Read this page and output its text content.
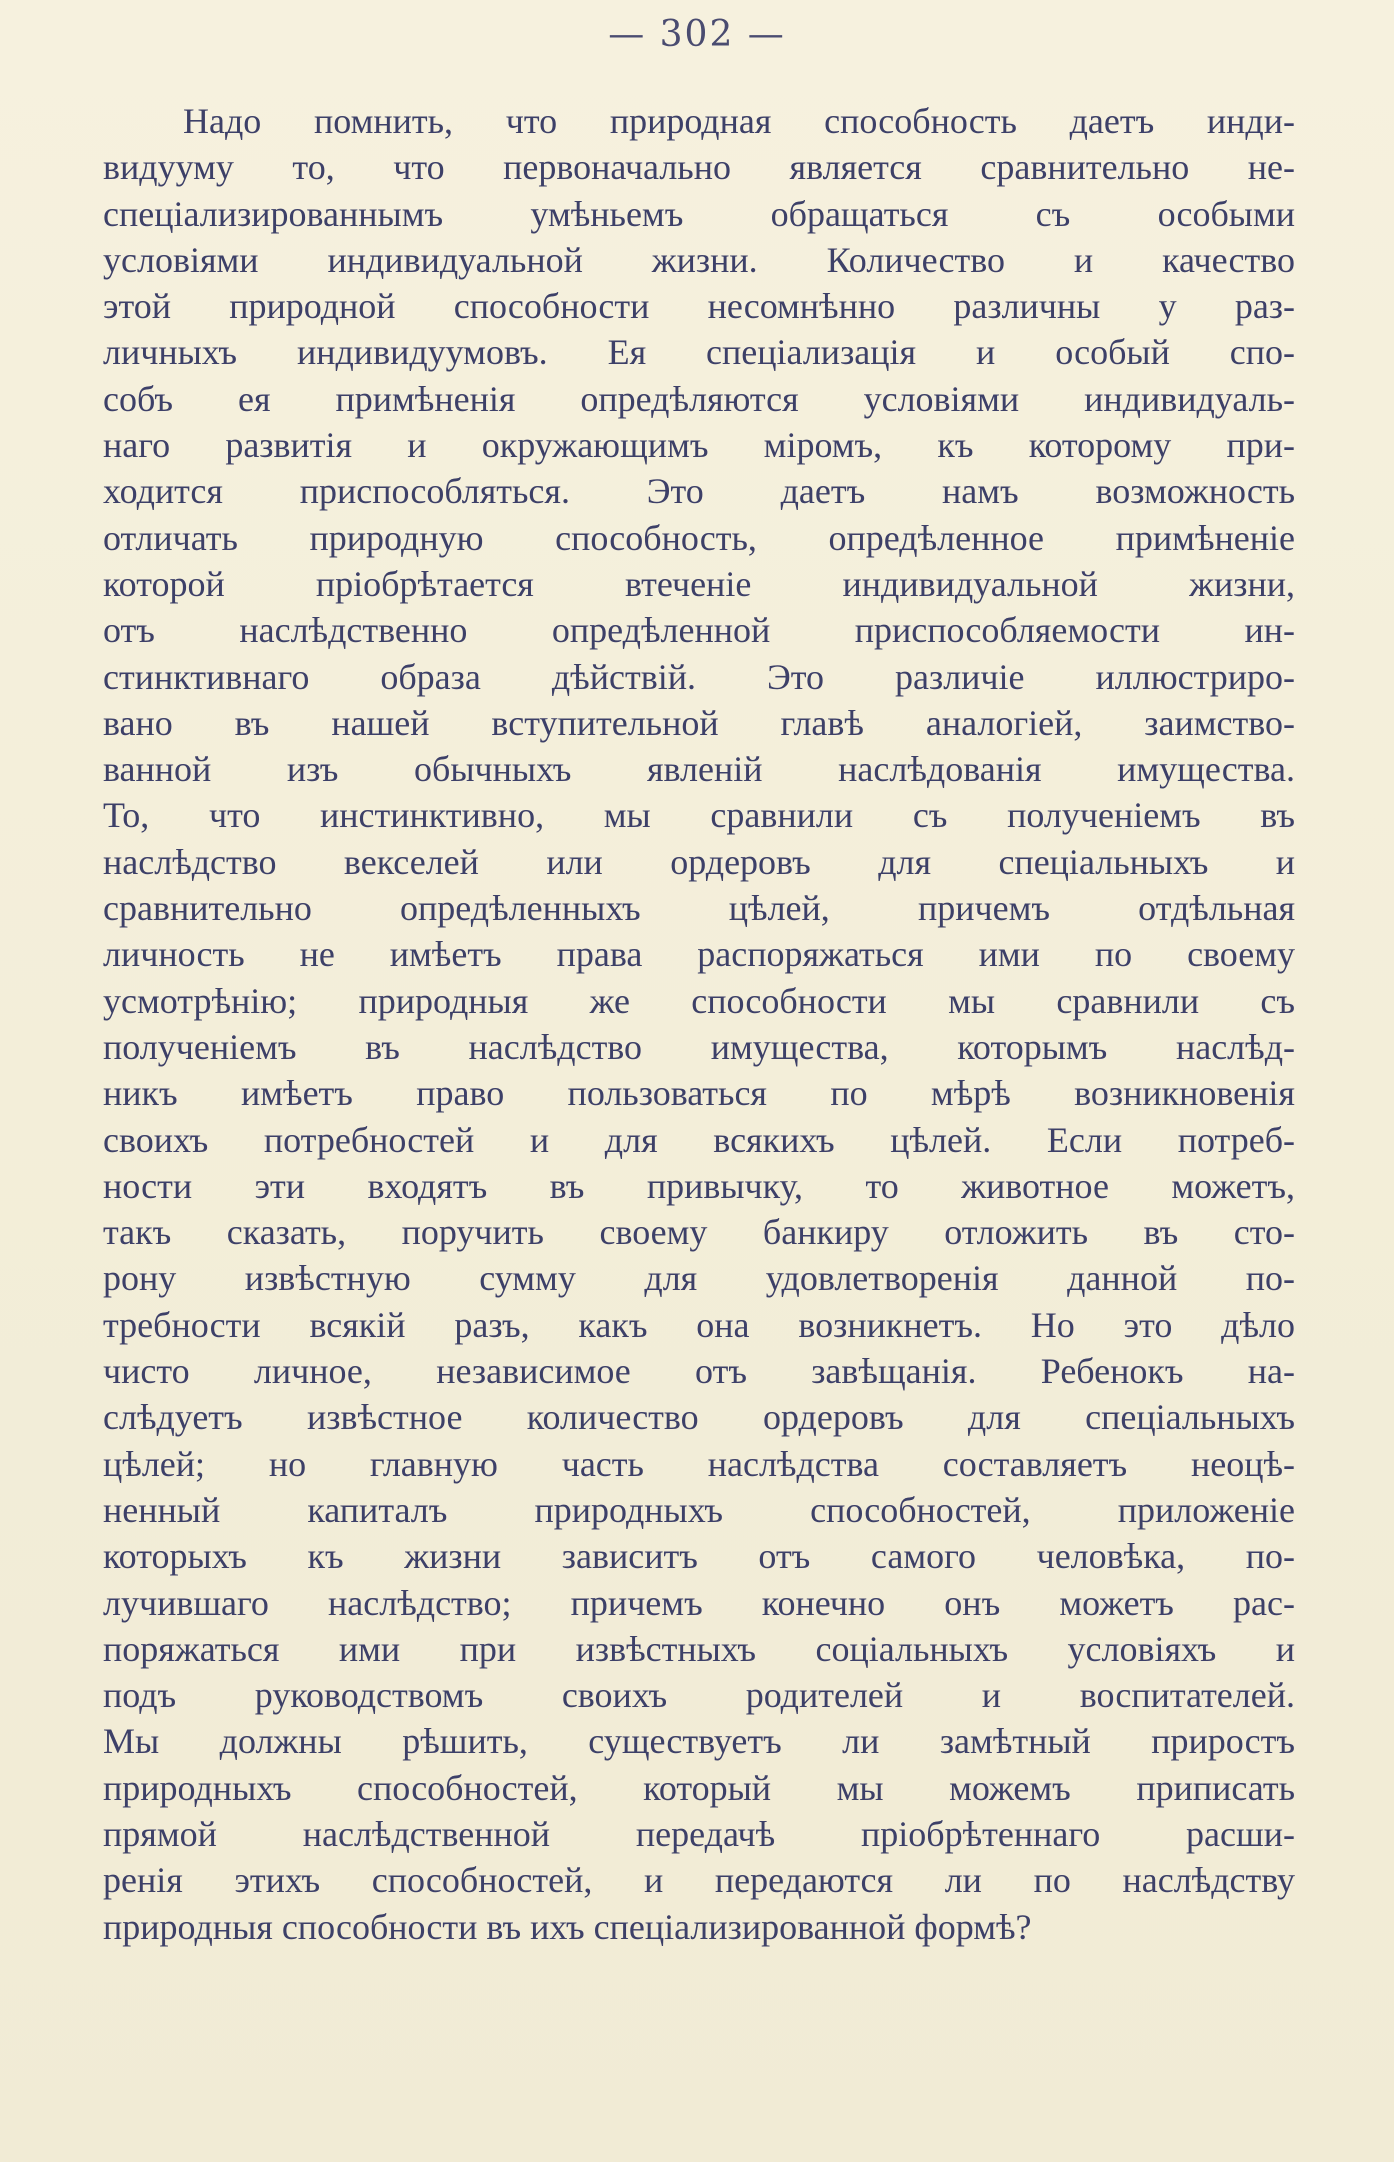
— 302 —
Надо помнить, что природная способность даетъ инди-
видууму то, что первоначально является сравнительно не-
спеціализированнымъ умѣньемъ обращаться съ особыми
условіями индивидуальной жизни. Количество и качество
этой природной способности несомнѣнно различны у раз-
личныхъ индивидуумовъ. Ея спеціализація и особый спо-
собъ ея примѣненія опредѣляются условіями индивидуаль-
наго развитія и окружающимъ міромъ, къ которому при-
ходится приспособляться. Это даетъ намъ возможность
отличать природную способность, опредѣленное примѣненіе
которой пріобрѣтается втеченіе индивидуальной жизни,
отъ наслѣдственно опредѣленной приспособляемости ин-
стинктивнаго образа дѣйствій. Это различіе иллюстриро-
вано въ нашей вступительной главѣ аналогіей, заимство-
ванной изъ обычныхъ явленій наслѣдованія имущества.
То, что инстинктивно, мы сравнили съ полученіемъ въ
наслѣдство векселей или ордеровъ для спеціальныхъ и
сравнительно опредѣленныхъ цѣлей, причемъ отдѣльная
личность не имѣетъ права распоряжаться ими по своему
усмотрѣнію; природныя же способности мы сравнили съ
полученіемъ въ наслѣдство имущества, которымъ наслѣд-
никъ имѣетъ право пользоваться по мѣрѣ возникновенія
своихъ потребностей и для всякихъ цѣлей. Если потреб-
ности эти входятъ въ привычку, то животное можетъ,
такъ сказать, поручить своему банкиру отложить въ сто-
рону извѣстную сумму для удовлетворенія данной по-
требности всякій разъ, какъ она возникнетъ. Но это дѣло
чисто личное, независимое отъ завѣщанія. Ребенокъ на-
слѣдуетъ извѣстное количество ордеровъ для спеціальныхъ
цѣлей; но главную часть наслѣдства составляетъ неоцѣ-
ненный капиталъ природныхъ способностей, приложеніе
которыхъ къ жизни зависитъ отъ самого человѣка, по-
лучившаго наслѣдство; причемъ конечно онъ можетъ рас-
поряжаться ими при извѣстныхъ соціальныхъ условіяхъ и
подъ руководствомъ своихъ родителей и воспитателей.
Мы должны рѣшить, существуетъ ли замѣтный приростъ
природныхъ способностей, который мы можемъ приписать
прямой наслѣдственной передачѣ пріобрѣтеннаго расши-
ренія этихъ способностей, и передаются ли по наслѣдству
природныя способности въ ихъ спеціализированной формѣ?
